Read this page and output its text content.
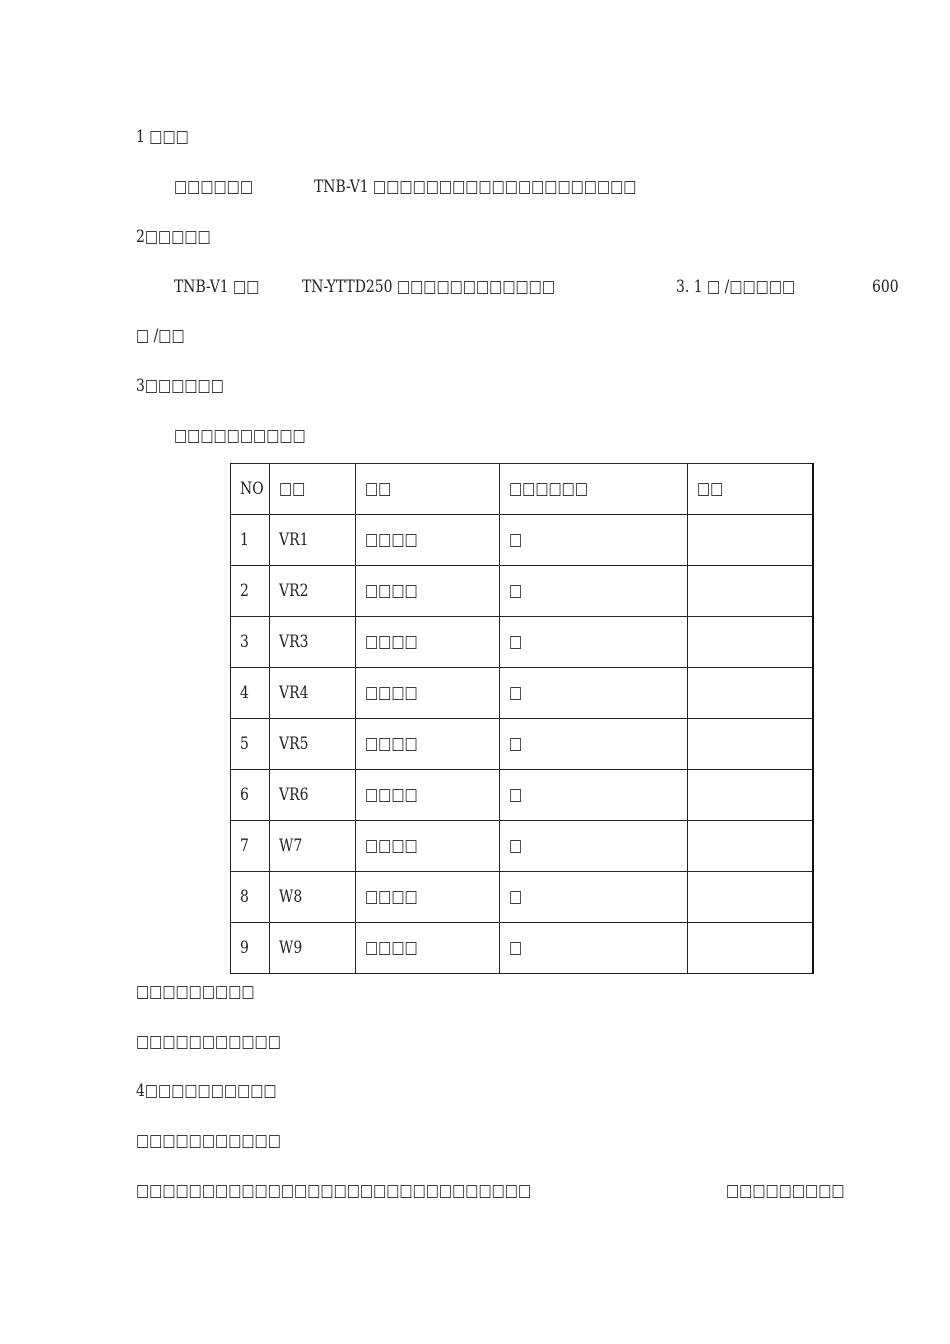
1 □□□
□□□□□□	TNB-V1 □□□□□□□□□□□□□□□□□□□□
2□□□□□
TNB-V1 □□	TN-YTTD250 □□□□□□□□□□□□	3. 1 □ /□□□□□	600
□ /□□
3□□□□□□
□□□□□□□□□□
NO	□□	□□	□□□□□□	□□
1	VR1	□□□□	□	
2	VR2	□□□□	□	
3	VR3	□□□□	□	
4	VR4	□□□□	□	
5	VR5	□□□□	□	
6	VR6	□□□□	□	
7	W7	□□□□	□	
8	W8	□□□□	□	
9	W9	□□□□	□	
□□□□□□□□□
□□□□□□□□□□□
4□□□□□□□□□□
□□□□□□□□□□□
□□□□□□□□□□□□□□□□□□□□□□□□□□□□□□	□□□□□□□□□
